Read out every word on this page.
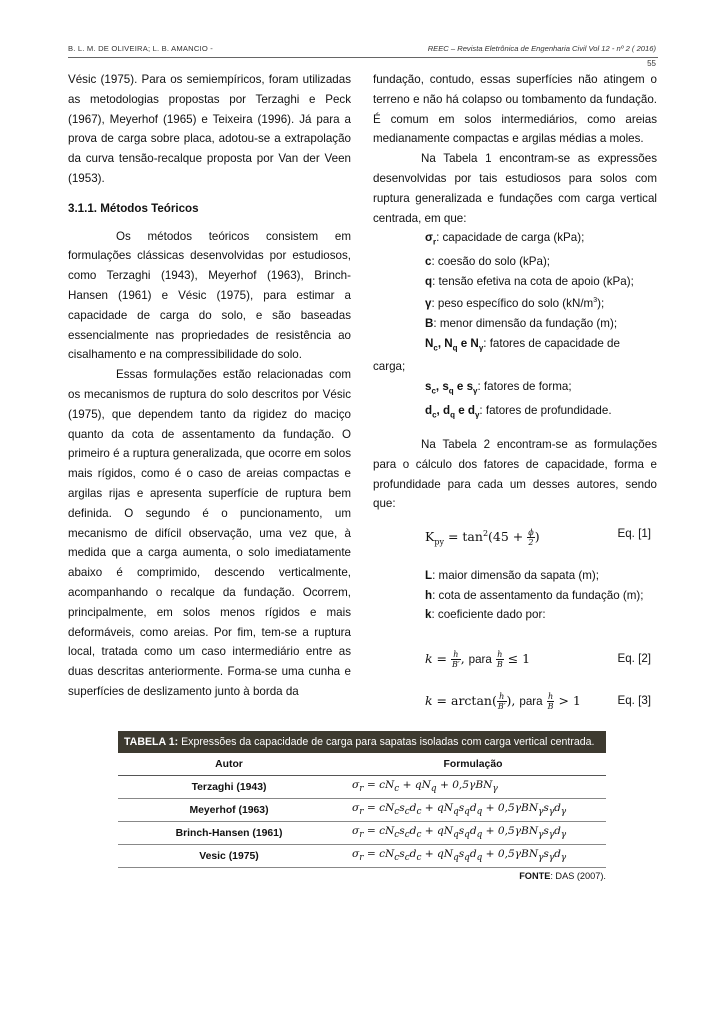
B. L. M. DE OLIVEIRA; L. B. AMANCIO -	REEC – Revista Eletrônica de Engenharia Civil Vol 12 - nº 2 ( 2016)
55

Vésic (1975). Para os semiempíricos, foram utilizadas as metodologias propostas por Terzaghi e Peck (1967), Meyerhof (1965) e Teixeira (1996). Já para a prova de carga sobre placa, adotou-se a extrapolação da curva tensão-recalque proposta por Van der Veen (1953).

3.1.1. Métodos Teóricos

Os métodos teóricos consistem em formulações clássicas desenvolvidas por estudiosos, como Terzaghi (1943), Meyerhof (1963), Brinch-Hansen (1961) e Vésic (1975), para estimar a capacidade de carga do solo, e são baseadas essencialmente nas propriedades de resistência ao cisalhamento e na compressibilidade do solo.

Essas formulações estão relacionadas com os mecanismos de ruptura do solo descritos por Vésic (1975), que dependem tanto da rigidez do maciço quanto da cota de assentamento da fundação. O primeiro é a ruptura generalizada, que ocorre em solos mais rígidos, como é o caso de areias compactas e argilas rijas e apresenta superfície de ruptura bem definida. O segundo é o puncionamento, um mecanismo de difícil observação, uma vez que, à medida que a carga aumenta, o solo imediatamente abaixo é comprimido, descendo verticalmente, acompanhando o recalque da fundação. Ocorrem, principalmente, em solos menos rígidos e mais deformáveis, como areias. Por fim, tem-se a ruptura local, tratada como um caso intermediário entre as duas descritas anteriormente. Forma-se uma cunha e superfícies de deslizamento junto à borda da

fundação, contudo, essas superfícies não atingem o terreno e não há colapso ou tombamento da fundação. É comum em solos intermediários, como areias medianamente compactas e argilas médias a moles.

Na Tabela 1 encontram-se as expressões desenvolvidas por tais estudiosos para solos com ruptura generalizada e fundações com carga vertical centrada, em que:

$\sigma_r$: capacidade de carga (kPa);
c: coesão do solo (kPa);
q: tensão efetiva na cota de apoio (kPa);
γ: peso específico do solo $(kN/m^3)$;
B: menor dimensão da fundação (m);
$N_c$, $N_q$ e $N_\gamma$: fatores de capacidade de

carga;

$s_c$, $s_q$ e $s_\gamma$: fatores de forma;
$d_c$, $d_q$ e $d_\gamma$: fatores de profundidade.

Na Tabela 2 encontram-se as formulações para o cálculo dos fatores de capacidade, forma e profundidade para cada um desses autores, sendo que:

$K_{py} = \tan^2(45 + \frac{\phi}{2}$ )	Eq. [1]
L: maior dimensão da sapata (m);
h: cota de assentamento da fundação (m);
k: coeficiente dado por:
$k = \frac{h}{B'}$ , para $\frac{h}{B} \le 1$	Eq. [2]
$k = \arctan( \frac{h}{B'}$ ), para $\frac{h}{B} > 1$	Eq. [3]
TABELA 1: Expressões da capacidade de carga para sapatas isoladas com carga vertical centrada.
Autor	Formulação
Terzaghi (1943)	$\sigma_r = cN_c + qN_q + 0,5\gamma BN_\gamma$
Meyerhof (1963)	$\sigma_r = cN_cs_cd_c + qN_qs_qd_q + 0,5\gamma BN_\gamma s_\gamma d_\gamma$
Brinch-Hansen (1961)	$\sigma_r = cN_cs_cd_c + qN_qs_qd_q + 0,5\gamma BN_\gamma s_\gamma d_\gamma$
Vesic (1975)	$\sigma_r = cN_cs_cd_c + qN_qs_qd_q + 0,5\gamma BN_\gamma s_\gamma d_\gamma$
FONTE: DAS (2007).
